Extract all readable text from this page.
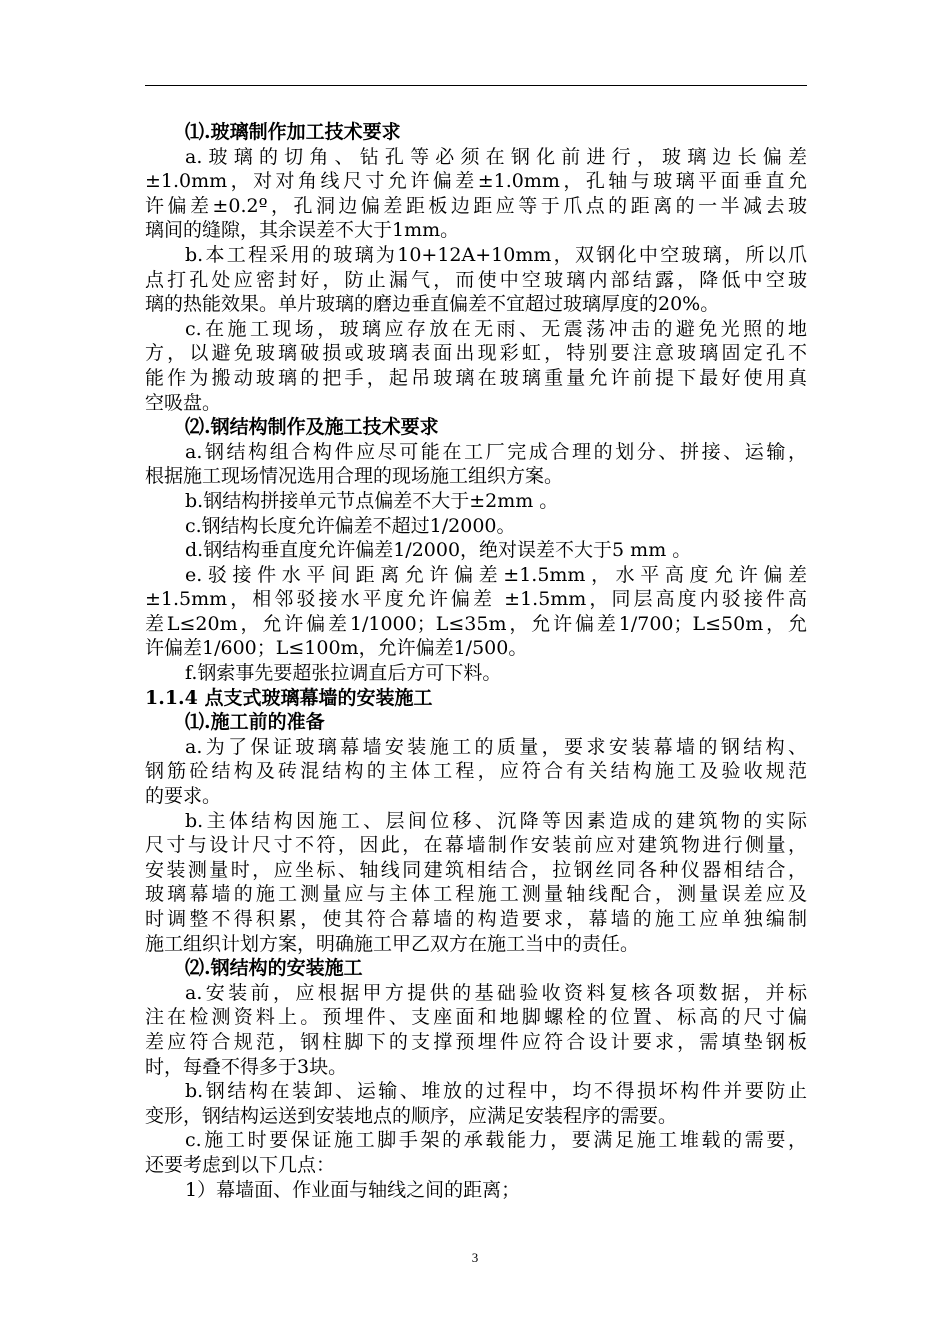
⑴.玻璃制作加工技术要求
a.玻璃的切角、钻孔等必须在钢化前进行，玻璃边长偏差
±1.0mm，对对角线尺寸允许偏差±1.0mm，孔轴与玻璃平面垂直允
许偏差±0.2º，孔洞边偏差距板边距应等于爪点的距离的一半减去玻
璃间的缝隙，其余误差不大于1mm。
b.本工程采用的玻璃为10+12A+10mm，双钢化中空玻璃，所以爪
点打孔处应密封好，防止漏气，而使中空玻璃内部结露，降低中空玻
璃的热能效果。单片玻璃的磨边垂直偏差不宜超过玻璃厚度的20%。
c.在施工现场，玻璃应存放在无雨、无震荡冲击的避免光照的地
方，以避免玻璃破损或玻璃表面出现彩虹，特别要注意玻璃固定孔不
能作为搬动玻璃的把手，起吊玻璃在玻璃重量允许前提下最好使用真
空吸盘。
⑵.钢结构制作及施工技术要求
a.钢结构组合构件应尽可能在工厂完成合理的划分、拼接、运输，
根据施工现场情况选用合理的现场施工组织方案。
b.钢结构拼接单元节点偏差不大于±2mm 。
c.钢结构长度允许偏差不超过1/2000。
d.钢结构垂直度允许偏差1/2000，绝对误差不大于5 mm 。
e.驳接件水平间距离允许偏差±1.5mm，水平高度允许偏差
±1.5mm，相邻驳接水平度允许偏差 ±1.5mm，同层高度内驳接件高
差L≤20m，允许偏差1/1000；L≤35m，允许偏差1/700；L≤50m，允
许偏差1/600；L≤100m，允许偏差1/500。
f.钢索事先要超张拉调直后方可下料。
1.1.4 点支式玻璃幕墙的安装施工
⑴.施工前的准备
a.为了保证玻璃幕墙安装施工的质量，要求安装幕墙的钢结构、
钢筋砼结构及砖混结构的主体工程，应符合有关结构施工及验收规范
的要求。
b.主体结构因施工、层间位移、沉降等因素造成的建筑物的实际
尺寸与设计尺寸不符，因此，在幕墙制作安装前应对建筑物进行侧量，
安装测量时，应坐标、轴线同建筑相结合，拉钢丝同各种仪器相结合，
玻璃幕墙的施工测量应与主体工程施工测量轴线配合，测量误差应及
时调整不得积累，使其符合幕墙的构造要求，幕墙的施工应单独编制
施工组织计划方案，明确施工甲乙双方在施工当中的责任。
⑵.钢结构的安装施工
a.安装前，应根据甲方提供的基础验收资料复核各项数据，并标
注在检测资料上。预埋件、支座面和地脚螺栓的位置、标高的尺寸偏
差应符合规范，钢柱脚下的支撑预埋件应符合设计要求，需填垫钢板
时，每叠不得多于3块。
b.钢结构在装卸、运输、堆放的过程中，均不得损坏构件并要防止
变形，钢结构运送到安装地点的顺序，应满足安装程序的需要。
c.施工时要保证施工脚手架的承载能力，要满足施工堆载的需要，
还要考虑到以下几点：
1）幕墙面、作业面与轴线之间的距离；
3
